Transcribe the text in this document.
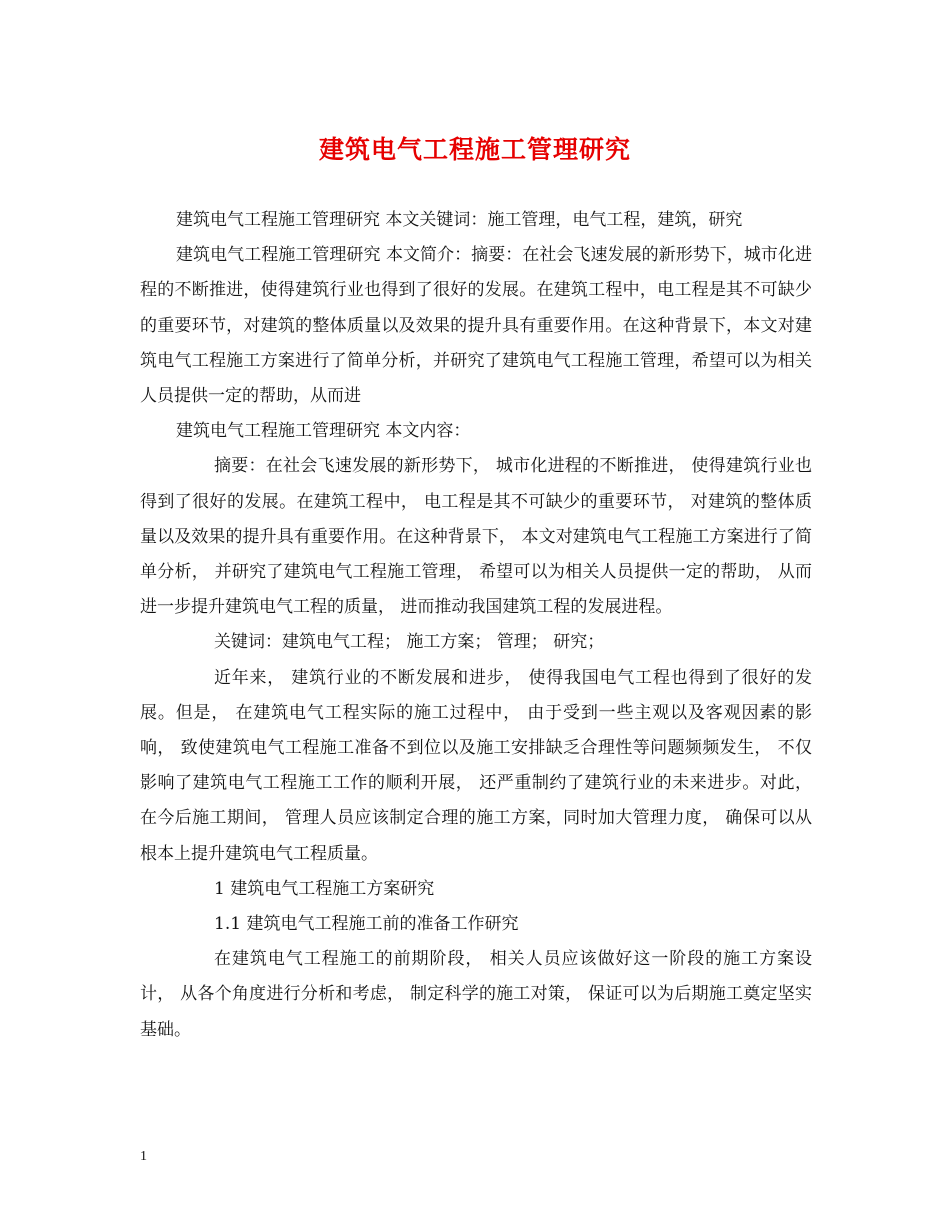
建筑电气工程施工管理研究

建筑电气工程施工管理研究 本文关键词：施工管理，电气工程，建筑，研究

建筑电气工程施工管理研究 本文简介：摘要：在社会飞速发展的新形势下，城市化进程的不断推进，使得建筑行业也得到了很好的发展。在建筑工程中，电工程是其不可缺少的重要环节，对建筑的整体质量以及效果的提升具有重要作用。在这种背景下，本文对建筑电气工程施工方案进行了简单分析，并研究了建筑电气工程施工管理，希望可以为相关人员提供一定的帮助，从而进

建筑电气工程施工管理研究 本文内容：

摘要：在社会飞速发展的新形势下， 城市化进程的不断推进， 使得建筑行业也得到了很好的发展。在建筑工程中， 电工程是其不可缺少的重要环节， 对建筑的整体质量以及效果的提升具有重要作用。在这种背景下， 本文对建筑电气工程施工方案进行了简单分析， 并研究了建筑电气工程施工管理， 希望可以为相关人员提供一定的帮助， 从而进一步提升建筑电气工程的质量， 进而推动我国建筑工程的发展进程。

关键词：建筑电气工程； 施工方案； 管理； 研究；

近年来， 建筑行业的不断发展和进步， 使得我国电气工程也得到了很好的发展。但是， 在建筑电气工程实际的施工过程中， 由于受到一些主观以及客观因素的影响， 致使建筑电气工程施工准备不到位以及施工安排缺乏合理性等问题频频发生， 不仅影响了建筑电气工程施工工作的顺利开展， 还严重制约了建筑行业的未来进步。对此， 在今后施工期间， 管理人员应该制定合理的施工方案，同时加大管理力度， 确保可以从根本上提升建筑电气工程质量。

1 建筑电气工程施工方案研究

1.1 建筑电气工程施工前的准备工作研究

在建筑电气工程施工的前期阶段， 相关人员应该做好这一阶段的施工方案设计， 从各个角度进行分析和考虑， 制定科学的施工对策， 保证可以为后期施工奠定坚实基础。

1
